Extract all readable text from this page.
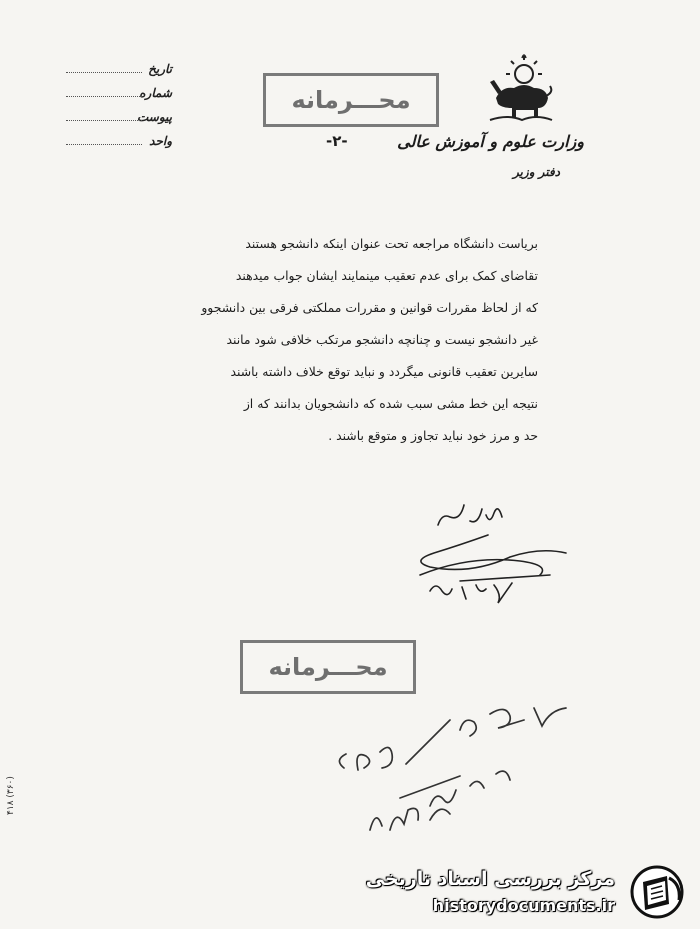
تاریخ
شماره
پیوست
واحد
محـــرمانه
-۲-	وزارت علوم و آموزش عالی
دفتر وزیر
بریاست دانشگاه مراجعه تحت عنوان اینکه دانشجو هستند
تقاضای کمک برای عدم تعقیب مینمایند ایشان جواب میدهند
که از لحاظ مقررات قوانین و مقررات مملکتی فرقی بین دانشجوو
غیر دانشجو نیست و چنانچه دانشجو مرتکب خلافی شود مانند
سایرین تعقیب قانونی میگردد و نباید توقع خلاف داشته باشند
نتیجه این خط مشی سبب شده که دانشجویان بدانند که از
حد و مرز خود نباید تجاوز و متوقع باشند .
محـــرمانه
(۳۶۰) ۴۱۸
مرکز بررسی اسناد تاریخی
historydocuments.ir
